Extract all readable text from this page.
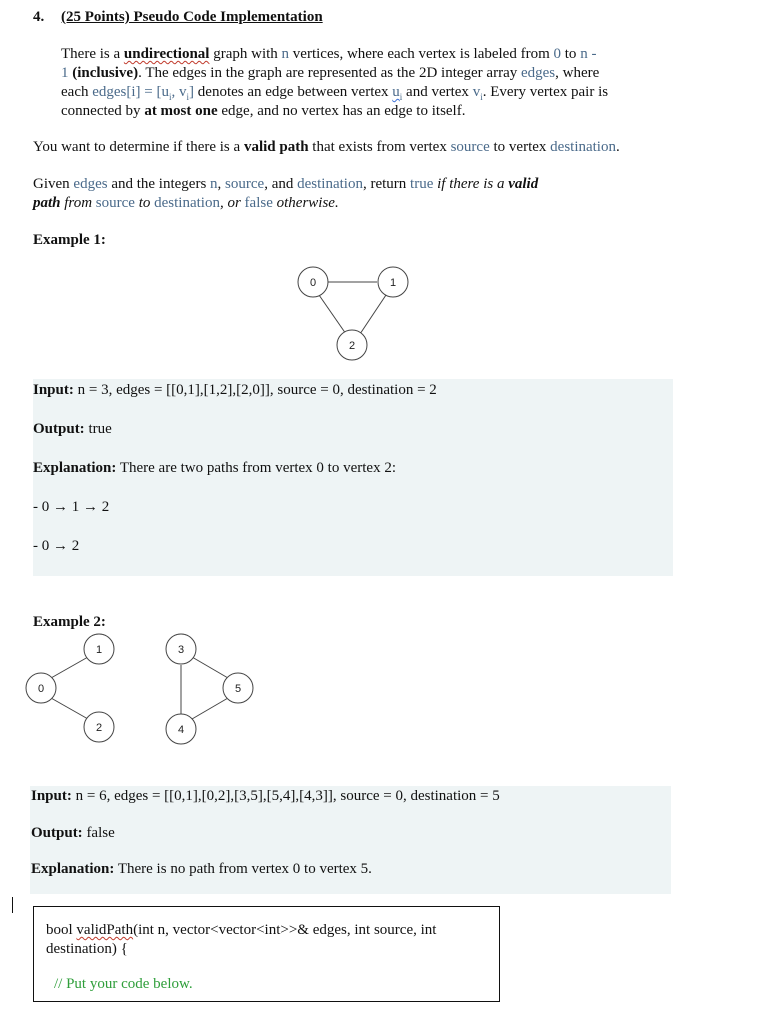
4. (25 Points) Pseudo Code Implementation
There is a undirectional graph with n vertices, where each vertex is labeled from 0 to n -
1 (inclusive). The edges in the graph are represented as the 2D integer array edges, where
each edges[i] = [$u_i$, $v_i$] denotes an edge between vertex $u_i$ and vertex $v_i$. Every vertex pair is
connected by at most one edge, and no vertex has an edge to itself.
You want to determine if there is a valid path that exists from vertex source to vertex destination.
Given edges and the integers n, source, and destination, return true if there is a valid
path from source to destination, or false otherwise.
Example 1:
0	1
2
Input: n = 3, edges = [[0,1],[1,2],[2,0]], source = 0, destination = 2
Output: true
Explanation: There are two paths from vertex 0 to vertex 2:
- 0 → 1 → 2
- 0 → 2
Example 2:
0
1
2
3
4
5
Input: n = 6, edges = [[0,1],[0,2],[3,5],[5,4],[4,3]], source = 0, destination = 5
Output: false
Explanation: There is no path from vertex 0 to vertex 5.
bool validPath(int n, vector<vector<int>>& edges, int source, int
destination) {
// Put your code below.
